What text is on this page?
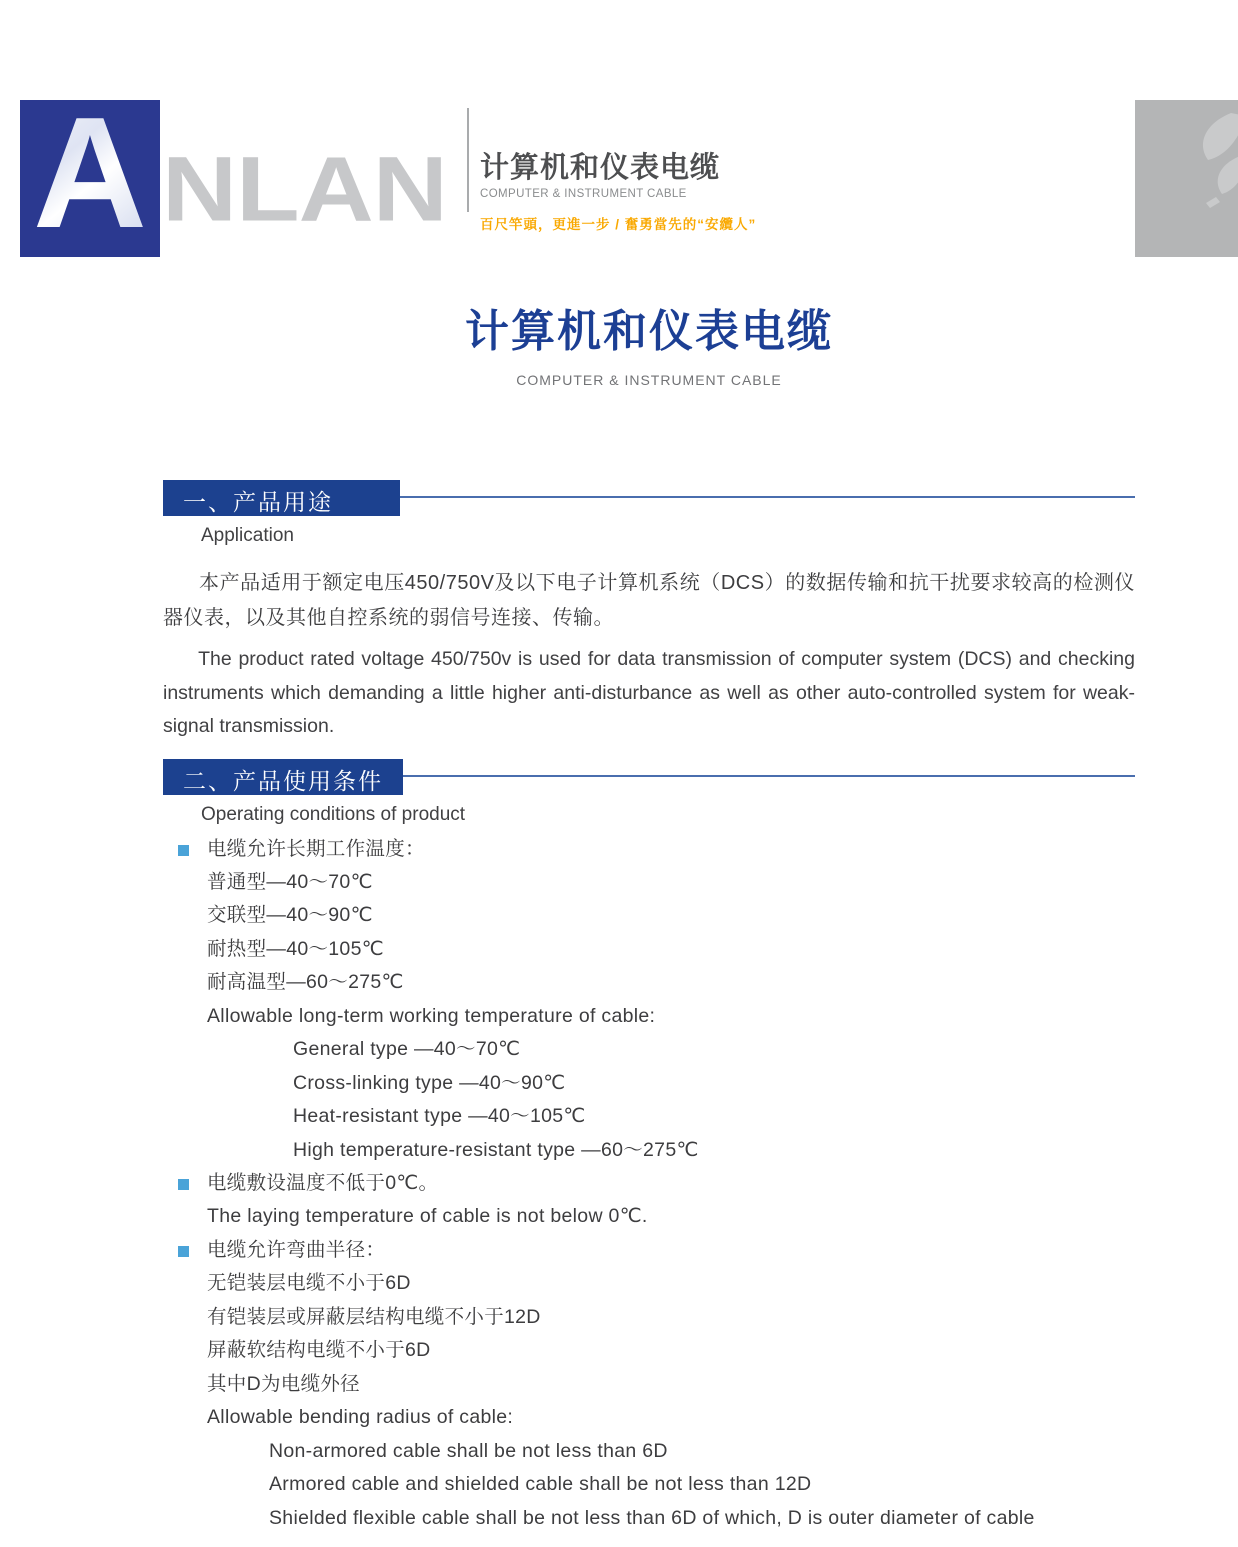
A NLAN 计算机和仪表电缆
COMPUTER & INSTRUMENT CABLE
百尺竿頭，更進一步 / 奮勇當先的“安纜人”
计算机和仪表电缆
COMPUTER & INSTRUMENT CABLE
一、产品用途
Application

本产品适用于额定电压450/750V及以下电子计算机系统（DCS）的数据传输和抗干扰要求较高的检测仪器仪表，以及其他自控系统的弱信号连接、传输。

The product rated voltage 450/750v is used for data transmission of computer system (DCS) and checking instruments which demanding a little higher anti-disturbance as well as other auto-controlled system for weak-signal transmission.

二、产品使用条件
Operating conditions of product
电缆允许长期工作温度：
普通型—40～70℃
交联型—40～90℃
耐热型—40～105℃
耐高温型—60～275℃
Allowable long-term working temperature of cable:
General type —40～70℃
Cross-linking type —40～90℃
Heat-resistant type —40～105℃
High temperature-resistant type —60～275℃
电缆敷设温度不低于0℃。
The laying temperature of cable is not below 0℃.
电缆允许弯曲半径：
无铠装层电缆不小于6D
有铠装层或屏蔽层结构电缆不小于12D
屏蔽软结构电缆不小于6D
其中D为电缆外径
Allowable bending radius of cable:
Non-armored cable shall be not less than 6D
Armored cable and shielded cable shall be not less than 12D
Shielded flexible cable shall be not less than 6D of which, D is outer diameter of cable
